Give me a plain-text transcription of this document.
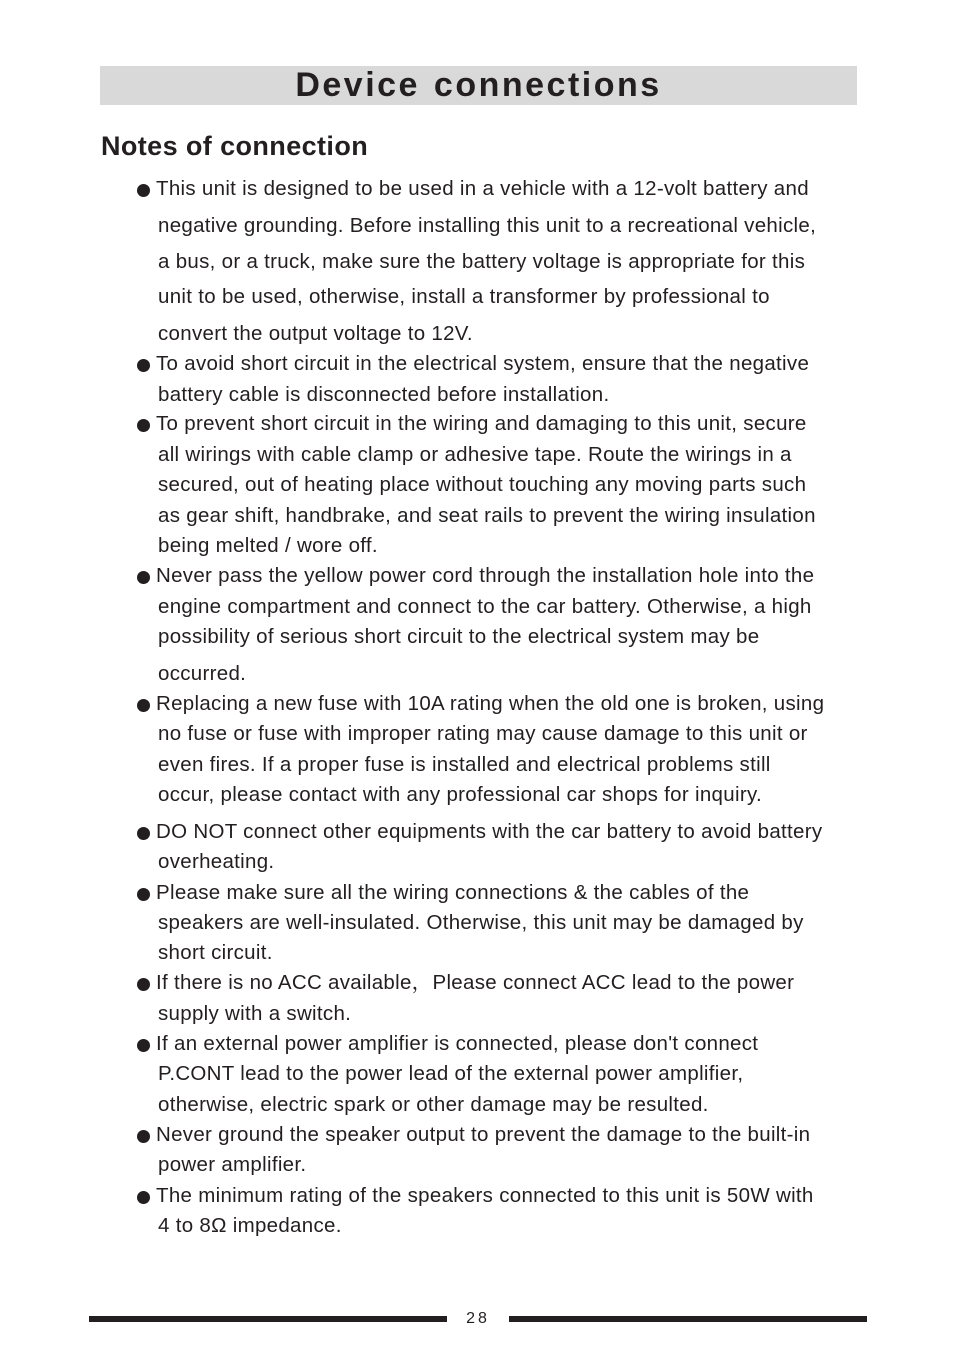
Device connections
Notes of connection
This unit is designed to be used in a vehicle with a 12-volt battery and
negative grounding. Before installing this unit to a recreational vehicle,
a bus, or a truck, make sure the battery voltage is appropriate for this
unit to be used, otherwise, install a transformer by professional to
convert the output voltage to 12V.
To avoid short circuit in the electrical system, ensure that the negative
battery cable is disconnected before installation.
To prevent short circuit in the wiring and damaging to this unit, secure
all wirings with cable clamp or adhesive tape. Route the wirings in a
secured, out of heating place without touching any moving parts such
as gear shift, handbrake, and seat rails to prevent the wiring insulation
being melted / wore off.
Never pass the yellow power cord through the installation hole into the
engine compartment and connect to the car battery. Otherwise, a high
possibility of serious short circuit to the electrical system may be
occurred.
Replacing a new fuse with 10A rating when the old one is broken, using
no fuse or fuse with improper rating may cause damage to this unit or
even fires. If a proper fuse is installed and electrical problems still
occur, please contact with any professional car shops for inquiry.
DO NOT connect other equipments with the car battery to avoid battery
overheating.
Please make sure all the wiring connections & the cables of the
speakers are well-insulated. Otherwise, this unit may be damaged by
short circuit.
If there is no ACC available，Please connect ACC lead to the power
supply with a switch.
If an external power amplifier is connected, please don't connect
P.CONT lead to the power lead of the external power amplifier,
otherwise, electric spark or other damage may be resulted.
Never ground the speaker output to prevent the damage to the built-in
power amplifier.
The minimum rating of the speakers connected to this unit is 50W with
4 to 8Ω impedance.
28
